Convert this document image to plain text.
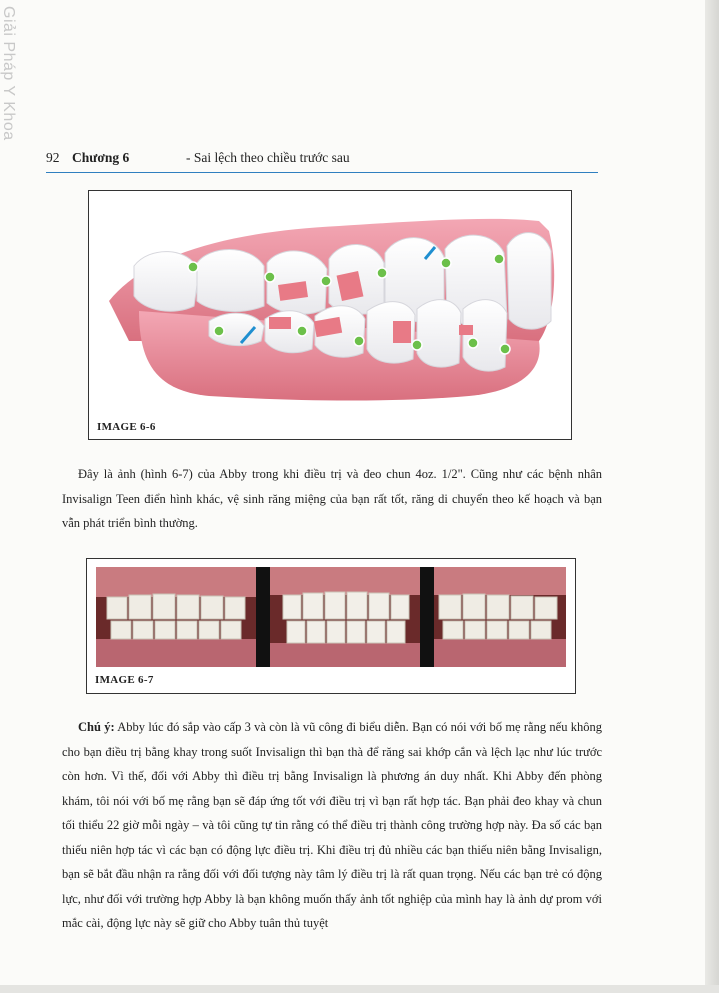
Giải Pháp Y Khoa
92 Chương 6	- Sai lệch theo chiều trước sau
IMAGE 6-6

Đây là ảnh (hình 6-7) của Abby trong khi điều trị và đeo chun 4oz. 1/2". Cũng như các bệnh nhân Invisalign Teen điển hình khác, vệ sinh răng miệng của bạn rất tốt, răng di chuyển theo kế hoạch và bạn vẫn phát triển bình thường.

IMAGE 6-7

Chú ý: Abby lúc đó sắp vào cấp 3 và còn là vũ công đi biểu diễn. Bạn có nói với bố mẹ rằng nếu không cho bạn điều trị bằng khay trong suốt Invisalign thì bạn thà để răng sai khớp cắn và lệch lạc như lúc trước còn hơn. Vì thế, đối với Abby thì điều trị bằng Invisalign là phương án duy nhất. Khi Abby đến phòng khám, tôi nói với bố mẹ rằng bạn sẽ đáp ứng tốt với điều trị vì bạn rất hợp tác. Bạn phải đeo khay và chun tối thiểu 22 giờ mỗi ngày – và tôi cũng tự tin rằng có thể điều trị thành công trường hợp này. Đa số các bạn thiếu niên hợp tác vì các bạn có động lực điều trị. Khi điều trị đủ nhiều các bạn thiếu niên bằng Invisalign, bạn sẽ bắt đầu nhận ra rằng đối với đối tượng này tâm lý điều trị là rất quan trọng. Nếu các bạn trẻ có động lực, như đối với trường hợp Abby là bạn không muốn thấy ảnh tốt nghiệp của mình hay là ảnh dự prom với mắc cài, động lực này sẽ giữ cho Abby tuân thủ tuyệt
